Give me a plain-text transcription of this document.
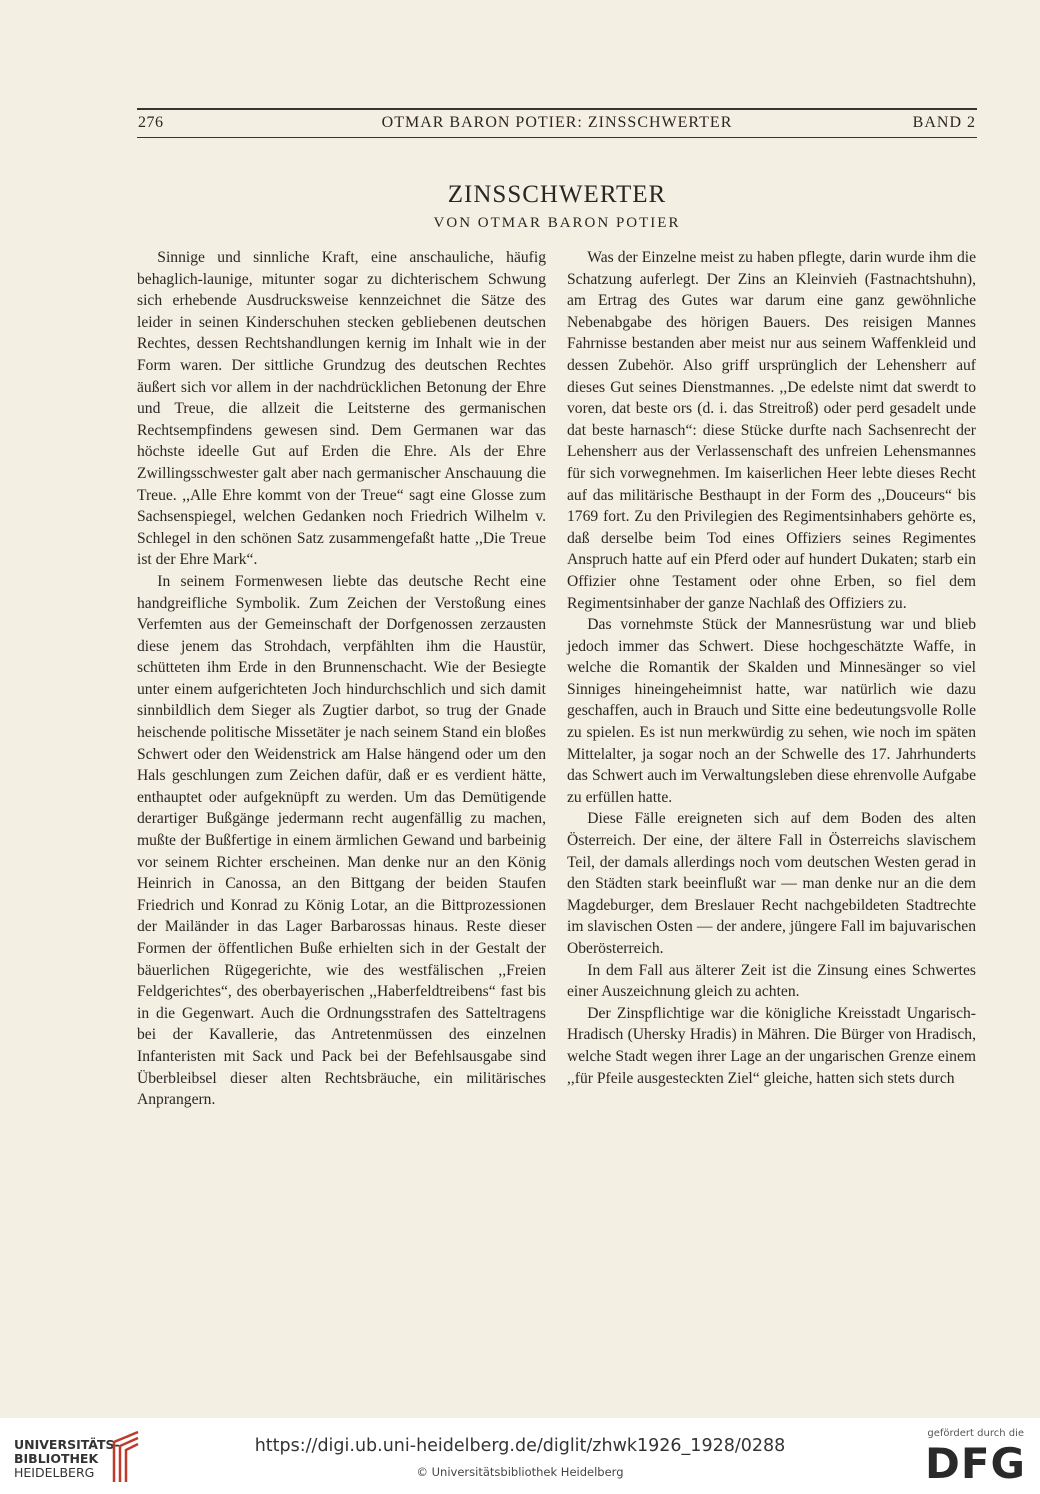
276	OTMAR BARON POTIER: ZINSSCHWERTER	BAND 2
ZINSSCHWERTER
VON OTMAR BARON POTIER

Sinnige und sinnliche Kraft, eine anschauliche, häufig behaglich-launige, mitunter sogar zu dichterischem Schwung sich erhebende Ausdrucksweise kennzeichnet die Sätze des leider in seinen Kinderschuhen stecken gebliebenen deutschen Rechtes, dessen Rechtshandlungen kernig im Inhalt wie in der Form waren. Der sittliche Grundzug des deutschen Rechtes äußert sich vor allem in der nachdrücklichen Betonung der Ehre und Treue, die allzeit die Leitsterne des germanischen Rechtsempfindens gewesen sind. Dem Germanen war das höchste ideelle Gut auf Erden die Ehre. Als der Ehre Zwillingsschwester galt aber nach germanischer Anschauung die Treue. ,,Alle Ehre kommt von der Treue“ sagt eine Glosse zum Sachsenspiegel, welchen Gedanken noch Friedrich Wilhelm v. Schlegel in den schönen Satz zusammengefaßt hatte ,,Die Treue ist der Ehre Mark“.

In seinem Formenwesen liebte das deutsche Recht eine handgreifliche Symbolik. Zum Zeichen der Verstoßung eines Verfemten aus der Gemeinschaft der Dorfgenossen zerzausten diese jenem das Strohdach, verpfählten ihm die Haustür, schütteten ihm Erde in den Brunnenschacht. Wie der Besiegte unter einem aufgerichteten Joch hindurchschlich und sich damit sinnbildlich dem Sieger als Zugtier darbot, so trug der Gnade heischende politische Missetäter je nach seinem Stand ein bloßes Schwert oder den Weidenstrick am Halse hängend oder um den Hals geschlungen zum Zeichen dafür, daß er es verdient hätte, enthauptet oder aufgeknüpft zu werden. Um das Demütigende derartiger Bußgänge jedermann recht augenfällig zu machen, mußte der Bußfertige in einem ärmlichen Gewand und barbeinig vor seinem Richter erscheinen. Man denke nur an den König Heinrich in Canossa, an den Bittgang der beiden Staufen Friedrich und Konrad zu König Lotar, an die Bittprozessionen der Mailänder in das Lager Barbarossas hinaus. Reste dieser Formen der öffentlichen Buße erhielten sich in der Gestalt der bäuerlichen Rügegerichte, wie des westfälischen ,,Freien Feldgerichtes“, des oberbayerischen ,,Haberfeldtreibens“ fast bis in die Gegenwart. Auch die Ordnungsstrafen des Satteltragens bei der Kavallerie, das Antretenmüssen des einzelnen Infanteristen mit Sack und Pack bei der Befehlsausgabe sind Überbleibsel dieser alten Rechtsbräuche, ein militärisches Anprangern.

Was der Einzelne meist zu haben pflegte, darin wurde ihm die Schatzung auferlegt. Der Zins an Kleinvieh (Fastnachtshuhn), am Ertrag des Gutes war darum eine ganz gewöhnliche Nebenabgabe des hörigen Bauers. Des reisigen Mannes Fahrnisse bestanden aber meist nur aus seinem Waffenkleid und dessen Zubehör. Also griff ursprünglich der Lehensherr auf dieses Gut seines Dienstmannes. ,,De edelste nimt dat swerdt to voren, dat beste ors (d. i. das Streitroß) oder perd gesadelt unde dat beste harnasch“: diese Stücke durfte nach Sachsenrecht der Lehensherr aus der Verlassenschaft des unfreien Lehensmannes für sich vorwegnehmen. Im kaiserlichen Heer lebte dieses Recht auf das militärische Besthaupt in der Form des ,,Douceurs“ bis 1769 fort. Zu den Privilegien des Regimentsinhabers gehörte es, daß derselbe beim Tod eines Offiziers seines Regimentes Anspruch hatte auf ein Pferd oder auf hundert Dukaten; starb ein Offizier ohne Testament oder ohne Erben, so fiel dem Regimentsinhaber der ganze Nachlaß des Offiziers zu.

Das vornehmste Stück der Mannesrüstung war und blieb jedoch immer das Schwert. Diese hochgeschätzte Waffe, in welche die Romantik der Skalden und Minnesänger so viel Sinniges hineingeheimnist hatte, war natürlich wie dazu geschaffen, auch in Brauch und Sitte eine bedeutungsvolle Rolle zu spielen. Es ist nun merkwürdig zu sehen, wie noch im späten Mittelalter, ja sogar noch an der Schwelle des 17. Jahrhunderts das Schwert auch im Verwaltungsleben diese ehrenvolle Aufgabe zu erfüllen hatte.

Diese Fälle ereigneten sich auf dem Boden des alten Österreich. Der eine, der ältere Fall in Österreichs slavischem Teil, der damals allerdings noch vom deutschen Westen gerad in den Städten stark beeinflußt war — man denke nur an die dem Magdeburger, dem Breslauer Recht nachgebildeten Stadtrechte im slavischen Osten — der andere, jüngere Fall im bajuvarischen Oberösterreich.

In dem Fall aus älterer Zeit ist die Zinsung eines Schwertes einer Auszeichnung gleich zu achten.

Der Zinspflichtige war die königliche Kreisstadt Ungarisch-Hradisch (Uhersky Hradis) in Mähren. Die Bürger von Hradisch, welche Stadt wegen ihrer Lage an der ungarischen Grenze einem ,,für Pfeile ausgesteckten Ziel“ gleiche, hatten sich stets durch

UNIVERSITÄTS-
BIBLIOTHEK
HEIDELBERG
https://digi.ub.uni-heidelberg.de/diglit/zhwk1926_1928/0288
© Universitätsbibliothek Heidelberg
gefördert durch die
DFG
